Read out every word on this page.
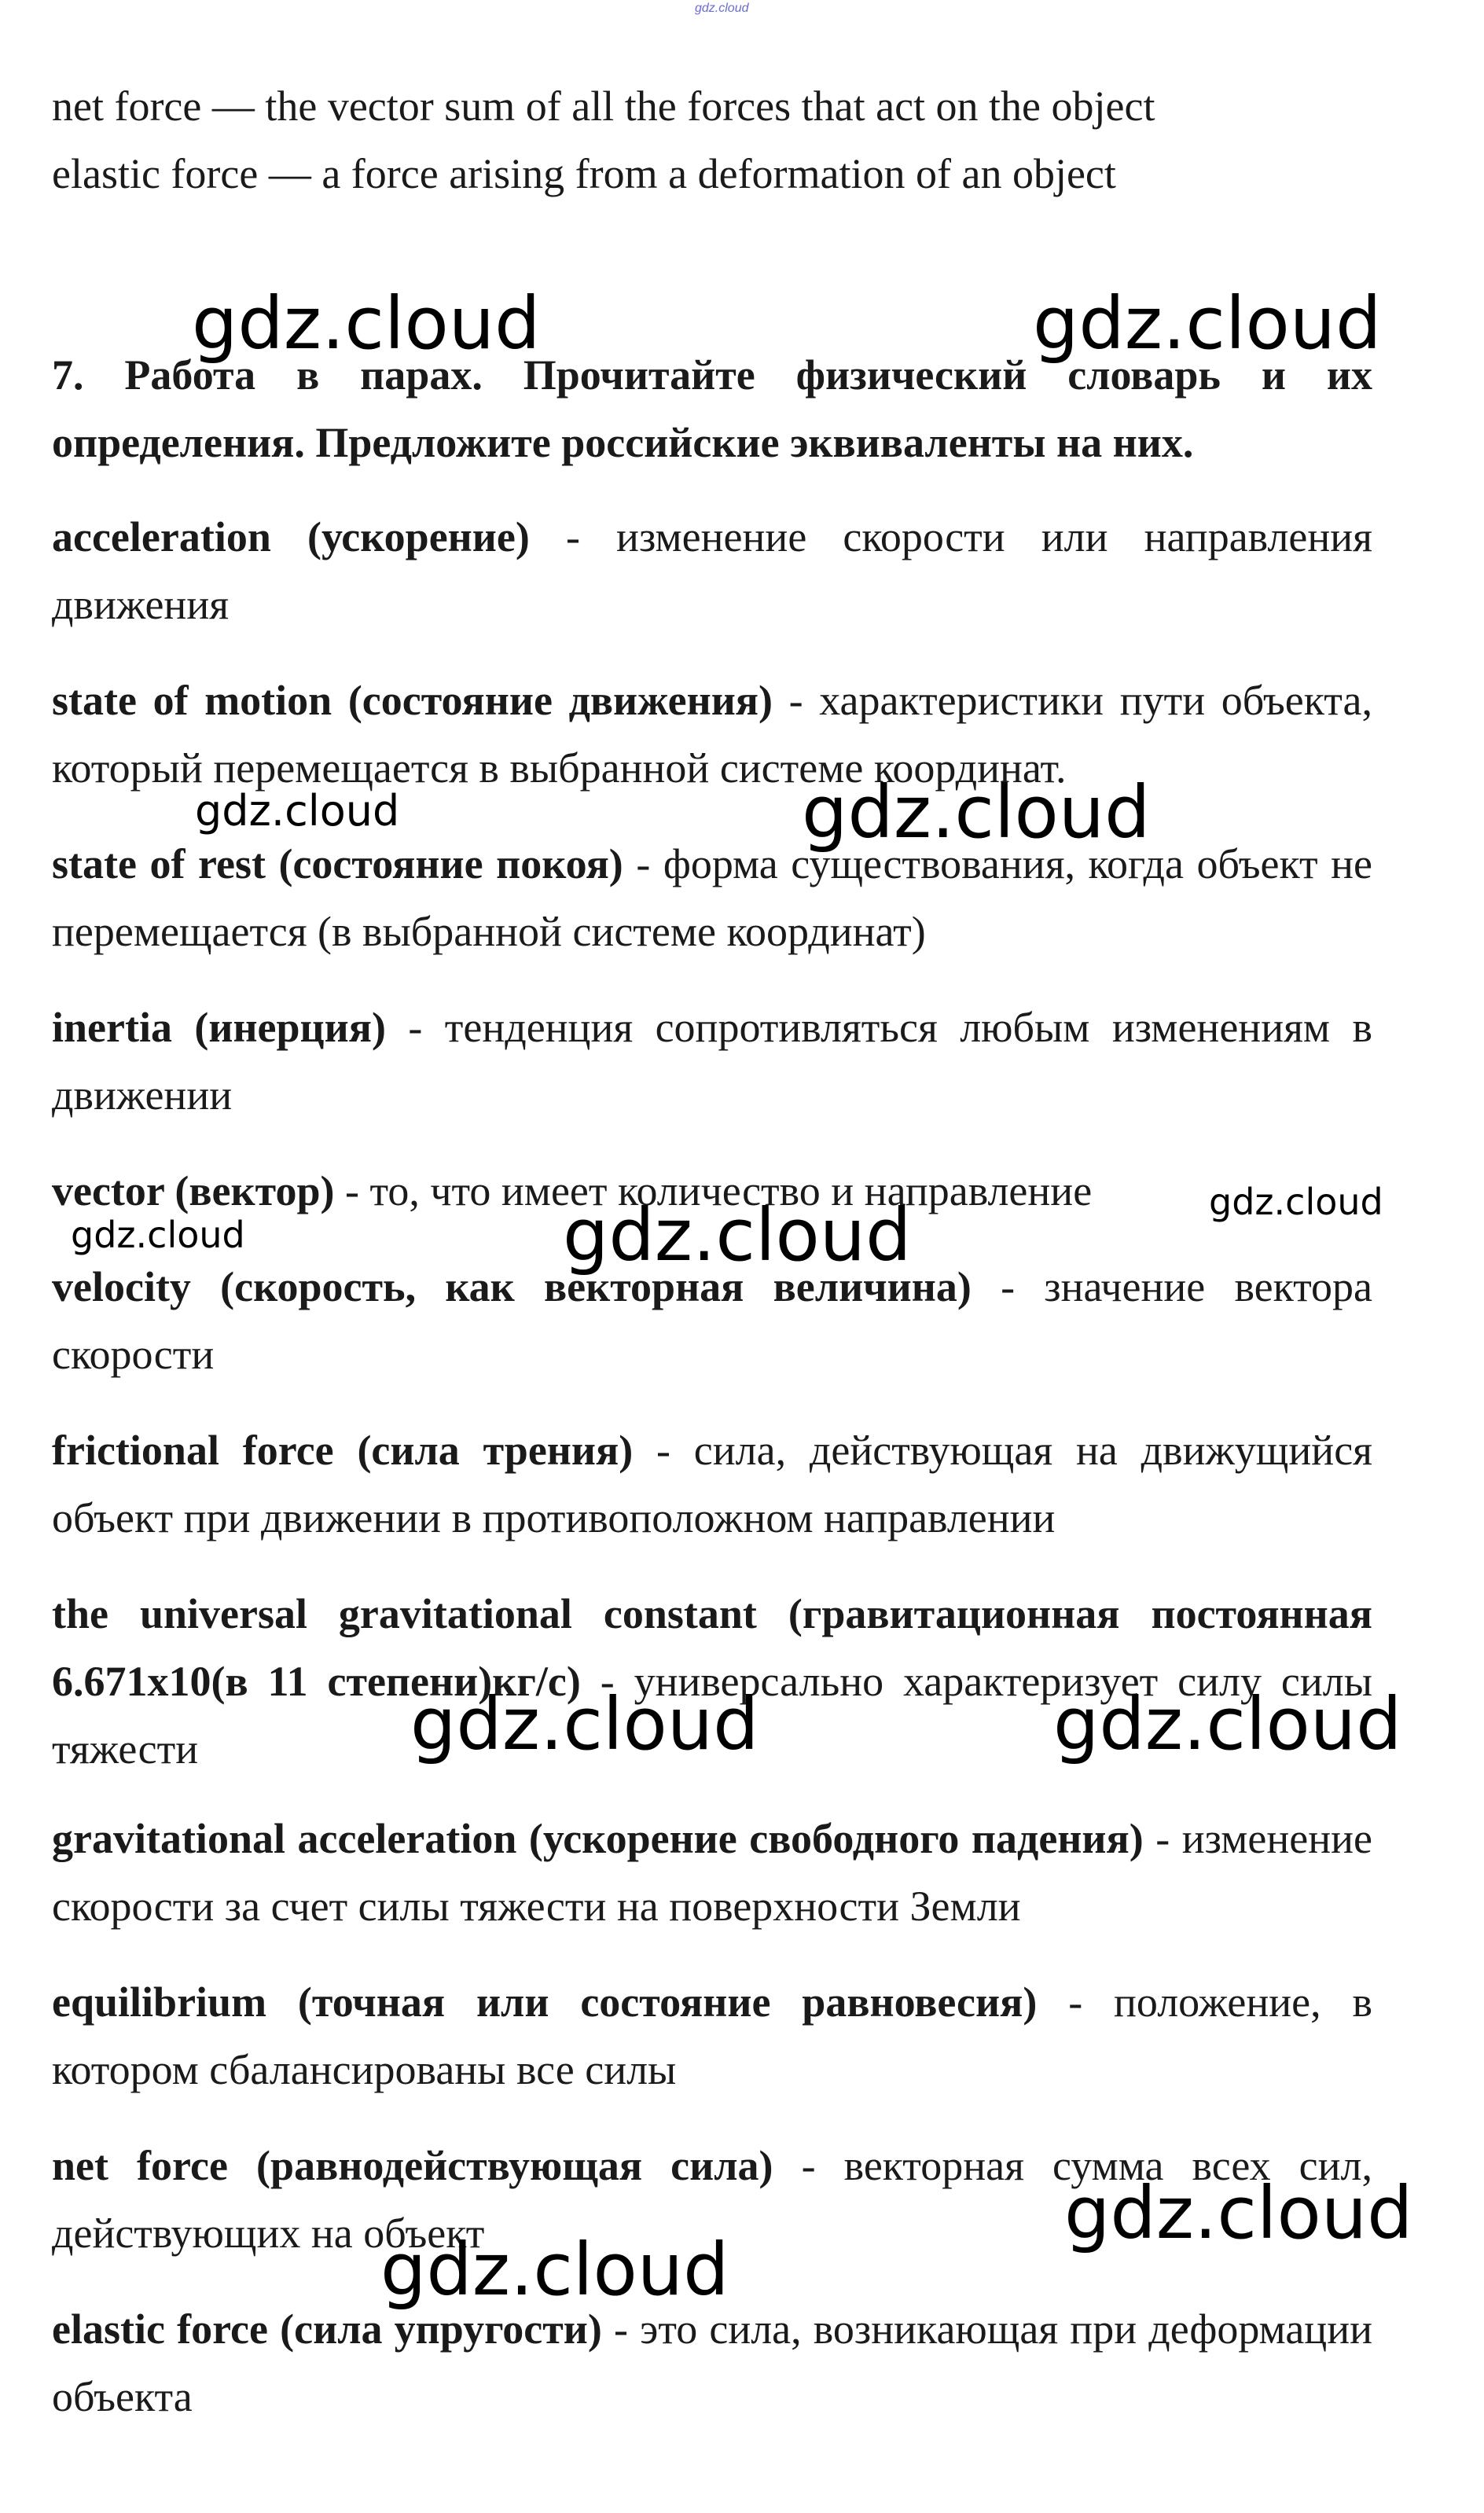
gdz.cloud

net force — the vector sum of all the forces that act on the object

elastic force — a force arising from a deformation of an object

7. Работа в парах. Прочитайте физический словарь и их определения. Предложите российские эквиваленты на них.

acceleration (ускорение) - изменение скорости или направления движения

state of motion (состояние движения) - характеристики пути объекта, который перемещается в выбранной системе координат.

state of rest (состояние покоя) - форма существования, когда объект не перемещается (в выбранной системе координат)

inertia (инерция) - тенденция сопротивляться любым изменениям в движении

vector (вектор) - то, что имеет количество и направление

velocity (скорость, как векторная величина) - значение вектора скорости

frictional force (сила трения) - сила, действующая на движущийся объект при движении в противоположном направлении

the universal gravitational constant (гравитационная постоянная 6.671x10(в 11 степени)кг/с) - универсально характеризует силу силы тяжести

gravitational acceleration (ускорение свободного падения) - изменение скорости за счет силы тяжести на поверхности Земли

equilibrium (точная или состояние равновесия) - положение, в котором сбалансированы все силы

net force (равнодействующая сила) - векторная сумма всех сил, действующих на объект

elastic force (сила упругости) - это сила, возникающая при деформации объекта

gdz.cloud	gdz.cloud
gdz.cloud	gdz.cloud
gdz.cloud
gdz.cloud	gdz.cloud
gdz.cloud	gdz.cloud
gdz.cloud
gdz.cloud
